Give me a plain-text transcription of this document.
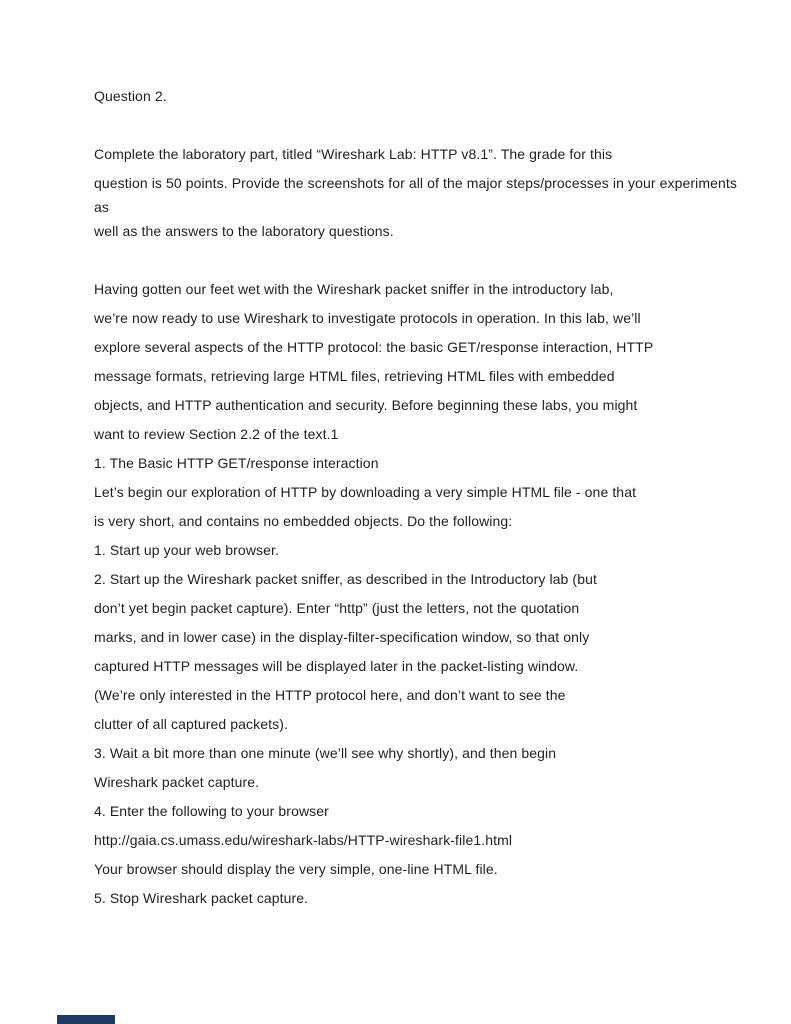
Question 2.
Complete the laboratory part, titled “Wireshark Lab: HTTP v8.1”. The grade for this
question is 50 points. Provide the screenshots for all of the major steps/processes in your experiments
as
well as the answers to the laboratory questions.
Having gotten our feet wet with the Wireshark packet sniffer in the introductory lab,
we’re now ready to use Wireshark to investigate protocols in operation. In this lab, we’ll
explore several aspects of the HTTP protocol: the basic GET/response interaction, HTTP
message formats, retrieving large HTML files, retrieving HTML files with embedded
objects, and HTTP authentication and security. Before beginning these labs, you might
want to review Section 2.2 of the text.1
1. The Basic HTTP GET/response interaction
Let’s begin our exploration of HTTP by downloading a very simple HTML file - one that
is very short, and contains no embedded objects. Do the following:
1. Start up your web browser.
2. Start up the Wireshark packet sniffer, as described in the Introductory lab (but
don’t yet begin packet capture). Enter “http” (just the letters, not the quotation
marks, and in lower case) in the display-filter-specification window, so that only
captured HTTP messages will be displayed later in the packet-listing window.
(We’re only interested in the HTTP protocol here, and don’t want to see the
clutter of all captured packets).
3. Wait a bit more than one minute (we’ll see why shortly), and then begin
Wireshark packet capture.
4. Enter the following to your browser
http://gaia.cs.umass.edu/wireshark-labs/HTTP-wireshark-file1.html
Your browser should display the very simple, one-line HTML file.
5. Stop Wireshark packet capture.
